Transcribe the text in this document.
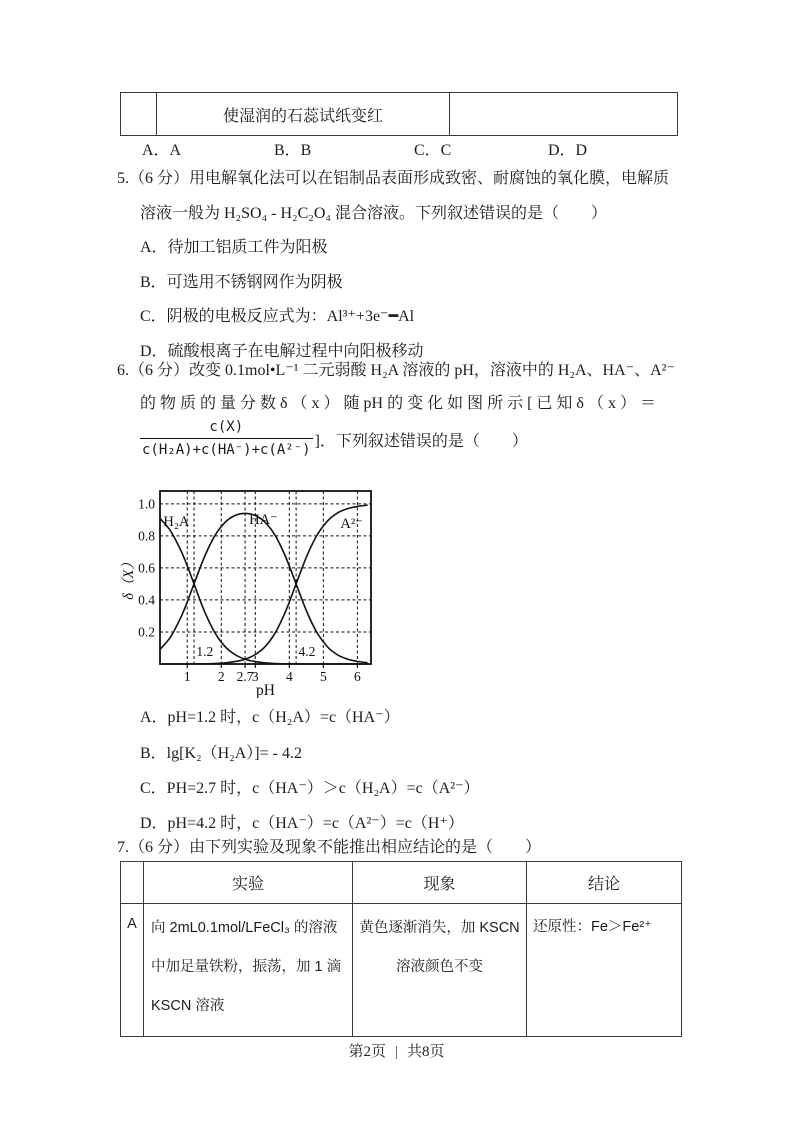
	使湿润的石蕊试纸变红	
A．A	B．B	C．C	D．D
5.（6 分）用电解氧化法可以在铝制品表面形成致密、耐腐蚀的氧化膜，电解质
溶液一般为 H₂SO₄ - H₂C₂O₄ 混合溶液。下列叙述错误的是（　　）
A．待加工铝质工件为阳极
B．可选用不锈钢网作为阴极
C．阴极的电极反应式为：Al³⁺+3e⁻━Al
D．硫酸根离子在电解过程中向阳极移动
6.（6 分）改变 0.1mol•L⁻¹ 二元弱酸 H₂A 溶液的 pH，溶液中的 H₂A、HA⁻、A²⁻
的 物 质 的 量 分 数 δ （ x ） 随 pH 的 变 化 如 图 所 示 [ 已 知 δ （ x ） ＝
$\frac{c(X)}{\text{c(H₂A)+c(HA⁻)+c(A²⁻)}}$ ]．下列叙述错误的是（　　）
0.2
0.4
0.6
0.8
1.0
1 2 2.7
3 4 5 6
H₂A	HA⁻	A²⁻
1.2	4.2
pH
δ（X）
A．pH=1.2 时，c（H₂A）=c（HA⁻）
B．lg[K₂（H₂A）]= - 4.2
C．PH=2.7 时，c（HA⁻）＞c（H₂A）=c（A²⁻）
D．pH=4.2 时，c（HA⁻）=c（A²⁻）=c（H⁺）
7.（6 分）由下列实验及现象不能推出相应结论的是（　　）
	实验	现象	结论
A	向 2mL0.1mol/LFeCl₃ 的溶液中加足量铁粉，振荡，加 1 滴 KSCN 溶液	黄色逐渐消失，加 KSCN 溶液颜色不变	还原性：Fe＞Fe²⁺
第2页 | 共8页
